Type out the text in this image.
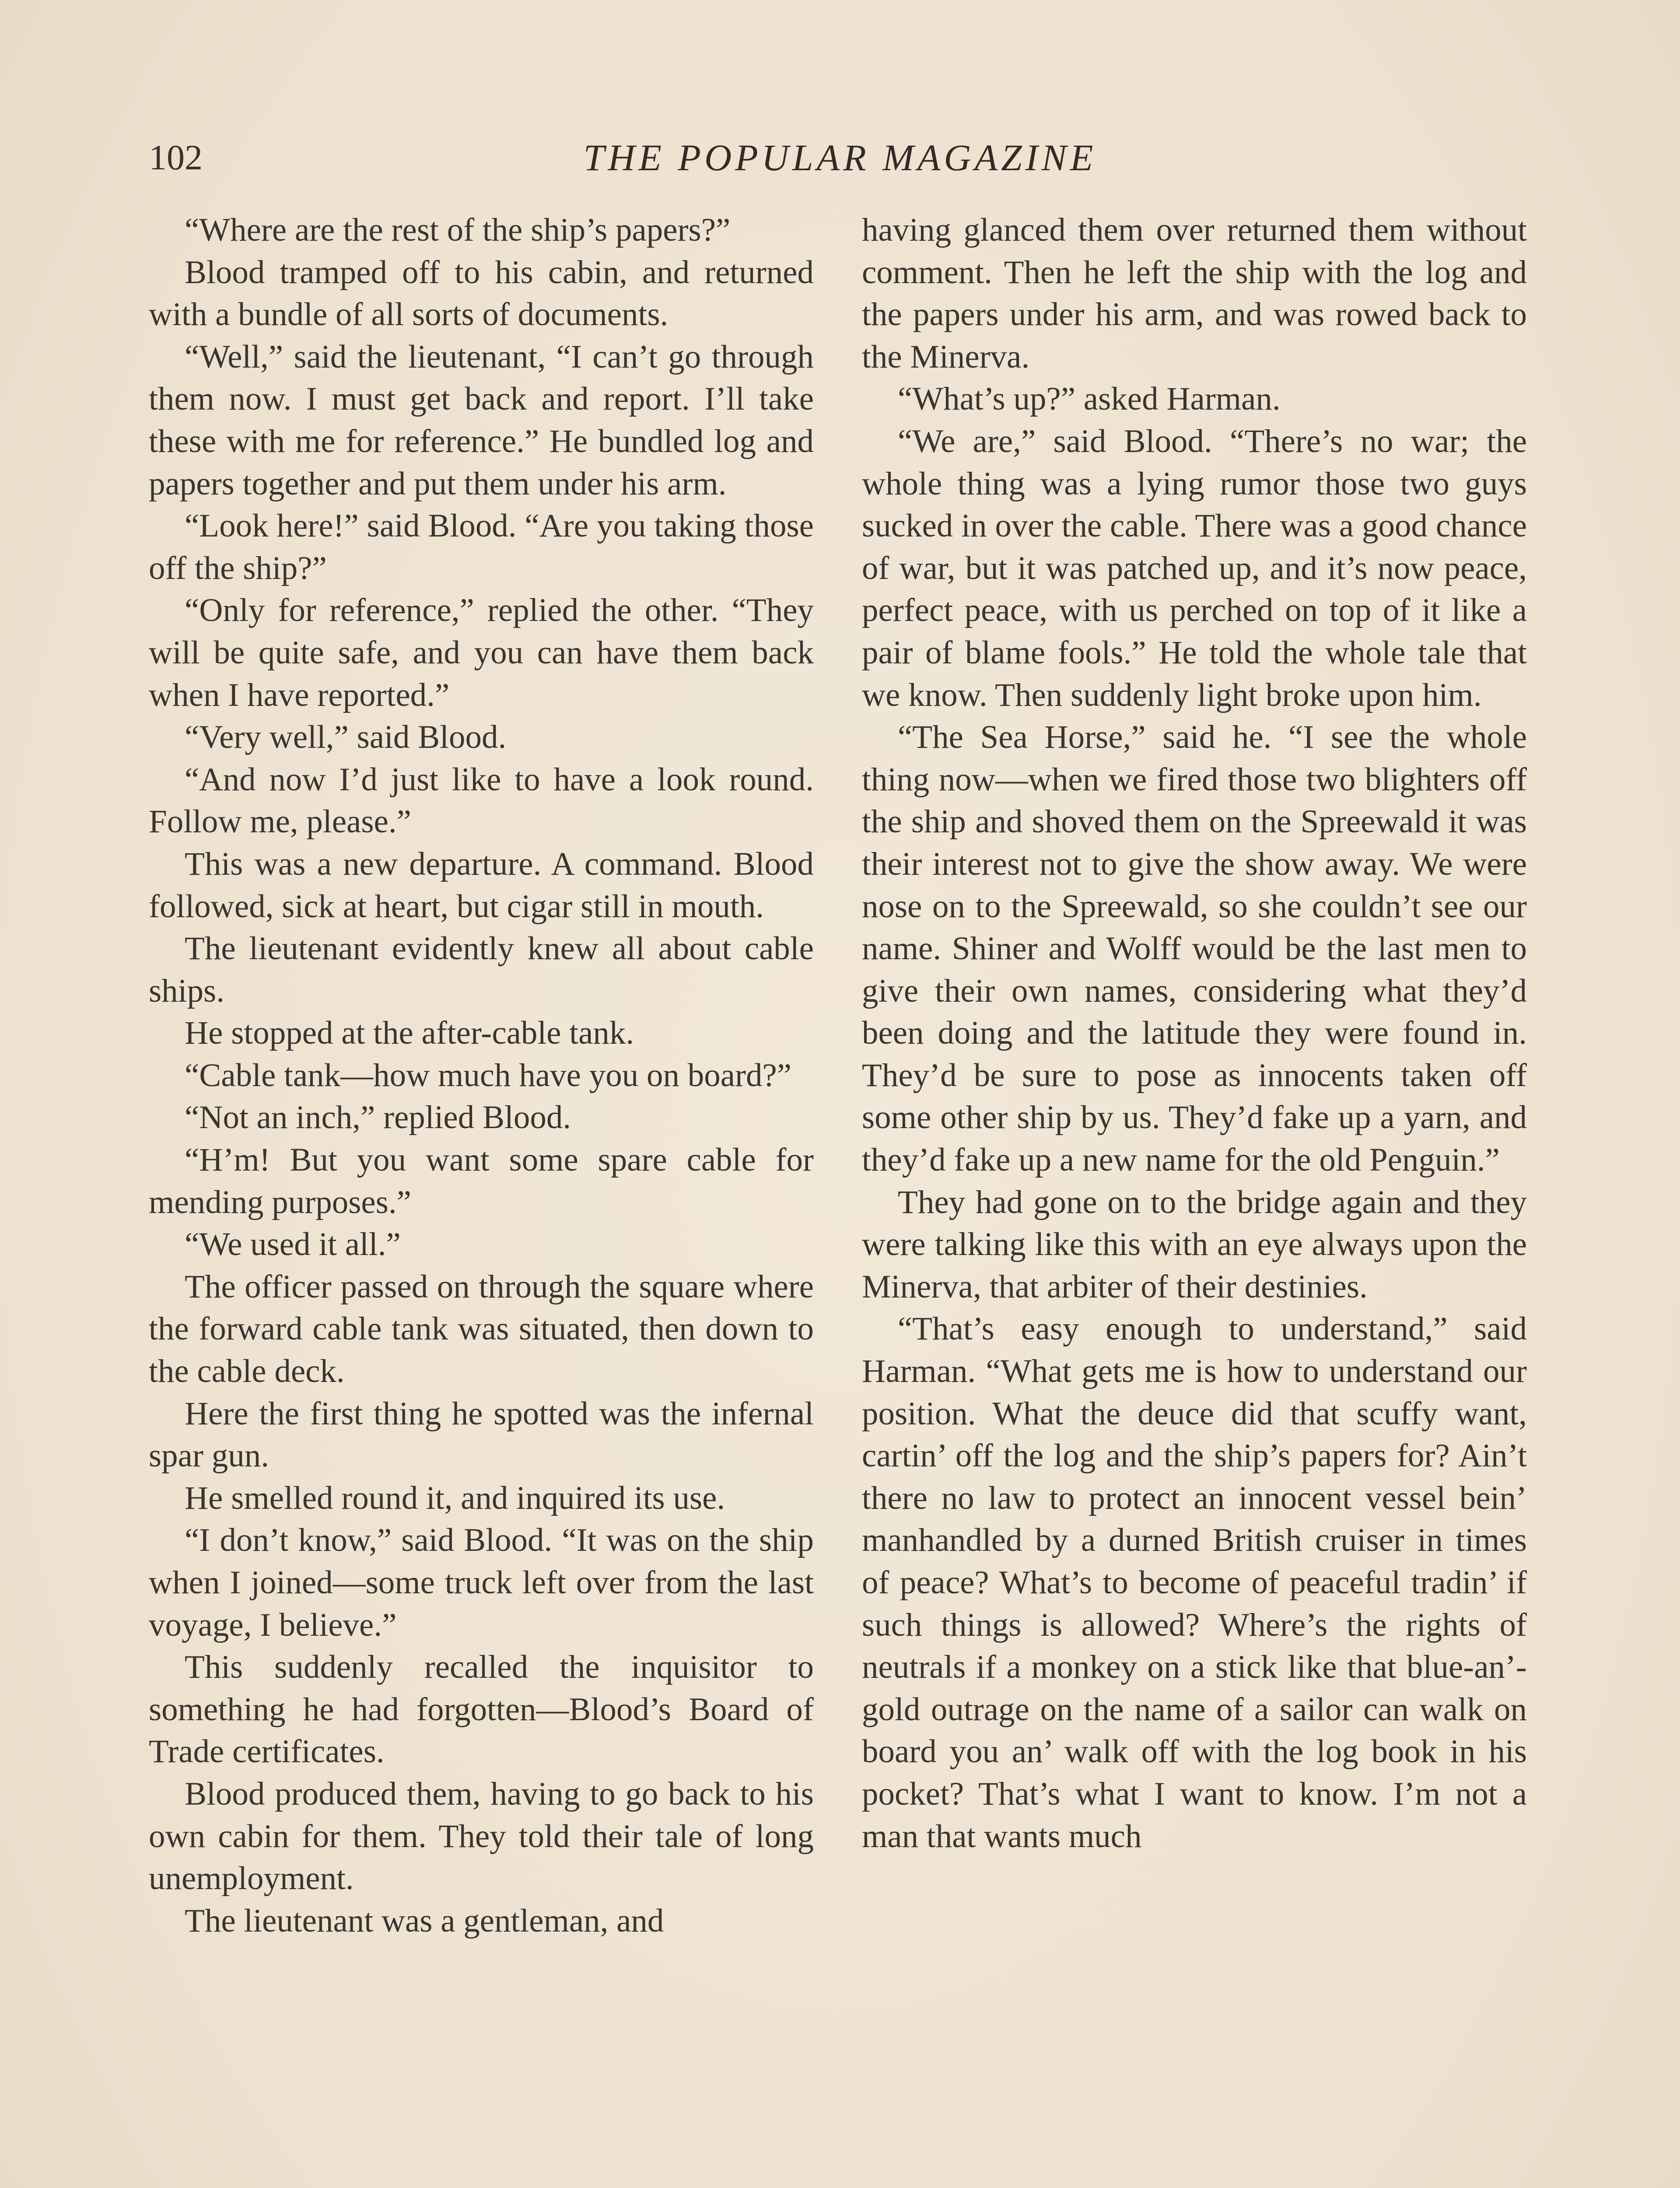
102	THE POPULAR MAGAZINE

“Where are the rest of the ship’s papers?”

Blood tramped off to his cabin, and returned with a bundle of all sorts of documents.

“Well,” said the lieutenant, “I can’t go through them now. I must get back and report. I’ll take these with me for reference.” He bundled log and papers together and put them under his arm.

“Look here!” said Blood. “Are you taking those off the ship?”

“Only for reference,” replied the other. “They will be quite safe, and you can have them back when I have reported.”

“Very well,” said Blood.

“And now I’d just like to have a look round. Follow me, please.”

This was a new departure. A command. Blood followed, sick at heart, but cigar still in mouth.

The lieutenant evidently knew all about cable ships.

He stopped at the after-cable tank.

“Cable tank—how much have you on board?”

“Not an inch,” replied Blood.

“H’m! But you want some spare cable for mending purposes.”

“We used it all.”

The officer passed on through the square where the forward cable tank was situated, then down to the cable deck.

Here the first thing he spotted was the infernal spar gun.

He smelled round it, and inquired its use.

“I don’t know,” said Blood. “It was on the ship when I joined—some truck left over from the last voyage, I believe.”

This suddenly recalled the inquisitor to something he had forgotten—Blood’s Board of Trade certificates.

Blood produced them, having to go back to his own cabin for them. They told their tale of long unemployment.

The lieutenant was a gentleman, and

having glanced them over returned them without comment. Then he left the ship with the log and the papers under his arm, and was rowed back to the Minerva.

“What’s up?” asked Harman.

“We are,” said Blood. “There’s no war; the whole thing was a lying rumor those two guys sucked in over the cable. There was a good chance of war, but it was patched up, and it’s now peace, perfect peace, with us perched on top of it like a pair of blame fools.” He told the whole tale that we know. Then suddenly light broke upon him.

“The Sea Horse,” said he. “I see the whole thing now—when we fired those two blighters off the ship and shoved them on the Spreewald it was their interest not to give the show away. We were nose on to the Spreewald, so she couldn’t see our name. Shiner and Wolff would be the last men to give their own names, considering what they’d been doing and the latitude they were found in. They’d be sure to pose as innocents taken off some other ship by us. They’d fake up a yarn, and they’d fake up a new name for the old Penguin.”

They had gone on to the bridge again and they were talking like this with an eye always upon the Minerva, that arbiter of their destinies.

“That’s easy enough to understand,” said Harman. “What gets me is how to understand our position. What the deuce did that scuffy want, cartin’ off the log and the ship’s papers for? Ain’t there no law to protect an innocent vessel bein’ manhandled by a durned British cruiser in times of peace? What’s to become of peaceful tradin’ if such things is allowed? Where’s the rights of neutrals if a monkey on a stick like that blue-an’-gold outrage on the name of a sailor can walk on board you an’ walk off with the log book in his pocket? That’s what I want to know. I’m not a man that wants much
